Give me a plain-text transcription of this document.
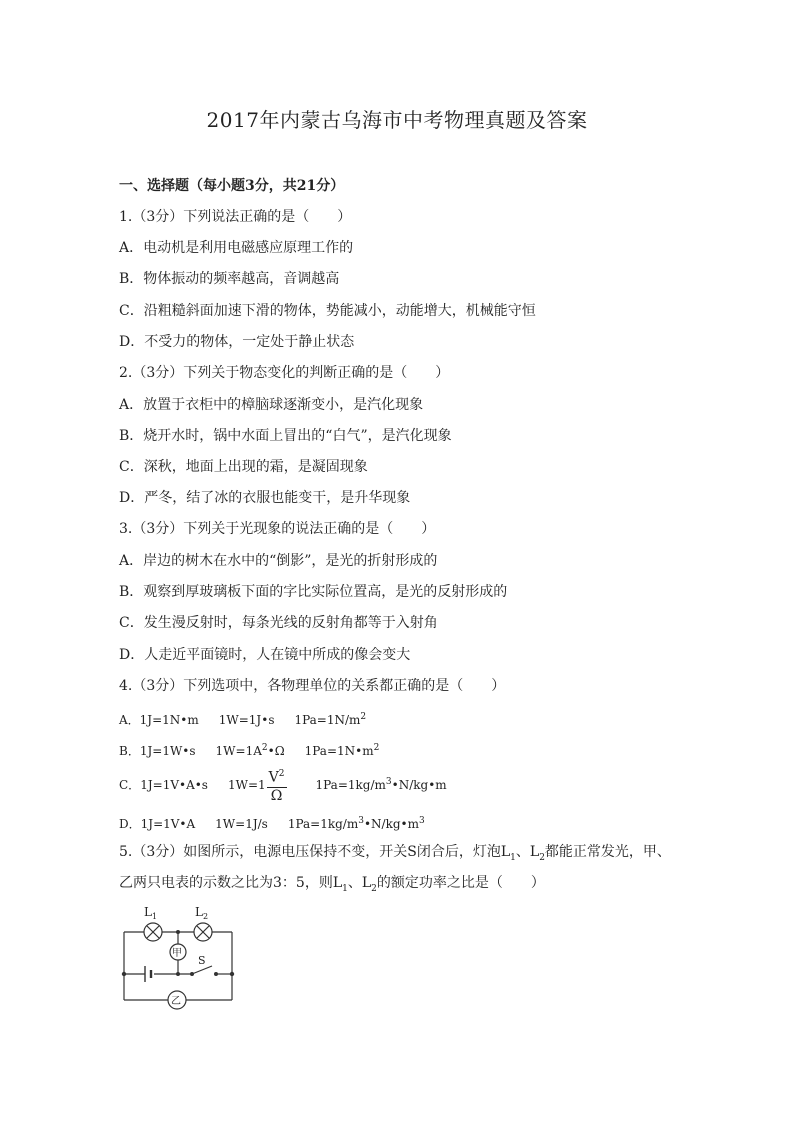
2017年内蒙古乌海市中考物理真题及答案
一、选择题（每小题3分，共21分）
1.（3分）下列说法正确的是（　　）
A．电动机是利用电磁感应原理工作的
B．物体振动的频率越高，音调越高
C．沿粗糙斜面加速下滑的物体，势能减小，动能增大，机械能守恒
D．不受力的物体，一定处于静止状态
2.（3分）下列关于物态变化的判断正确的是（　　）
A．放置于衣柜中的樟脑球逐渐变小，是汽化现象
B．烧开水时，锅中水面上冒出的“白气”，是汽化现象
C．深秋，地面上出现的霜，是凝固现象
D．严冬，结了冰的衣服也能变干，是升华现象
3.（3分）下列关于光现象的说法正确的是（　　）
A．岸边的树木在水中的“倒影”，是光的折射形成的
B．观察到厚玻璃板下面的字比实际位置高，是光的反射形成的
C．发生漫反射时，每条光线的反射角都等于入射角
D．人走近平面镜时，人在镜中所成的像会变大
4.（3分）下列选项中，各物理单位的关系都正确的是（　　）
A．1J=1N•m 1W=1J•s $1Pa=1N/m^2$
B．1J=1W•s $1W=1A^2•\Omega$ $1Pa=1N•m^2$
C．1J=1V•A•s $1W=1 \frac{V^2}{\Omega}$ $1Pa=1kg/m^3•N/kg•m$
D．1J=1V•A 1W=1J/s $1Pa=1kg/m^3•N/kg•m^3$
5.（3分）如图所示，电源电压保持不变，开关S闭合后，灯泡$L_1$、$L_2$都能正常发光，甲、
乙两只电表的示数之比为3：5，则$L_1$、$L_2$的额定功率之比是（　　）
$L_1$	$L_2$
甲
乙
S
